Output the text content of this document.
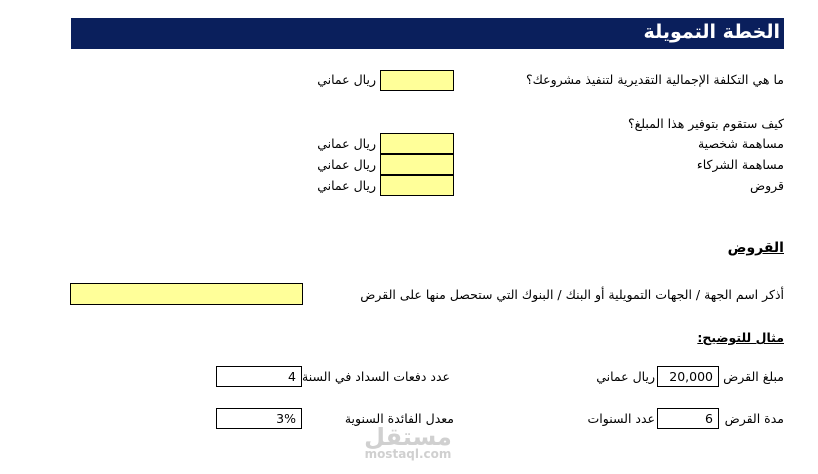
الخطة التمويلة
ما هي التكلفة الإجمالية التقديرية لتنفيذ مشروعك؟
ريال عماني
كيف ستقوم بتوفير هذا المبلغ؟
مساهمة شخصية
ريال عماني
مساهمة الشركاء
ريال عماني
قروض
ريال عماني
القروض
أذكر اسم الجهة / الجهات التمويلية أو البنك / البنوك التي ستحصل منها على القرض
مثال للتوضيح:
مبلغ القرض
20,000
ريال عماني
عدد دفعات السداد في السنة
4
مدة القرض
6
عدد السنوات
معدل الفائدة السنوية
3%
مستقل
mostaql.com
